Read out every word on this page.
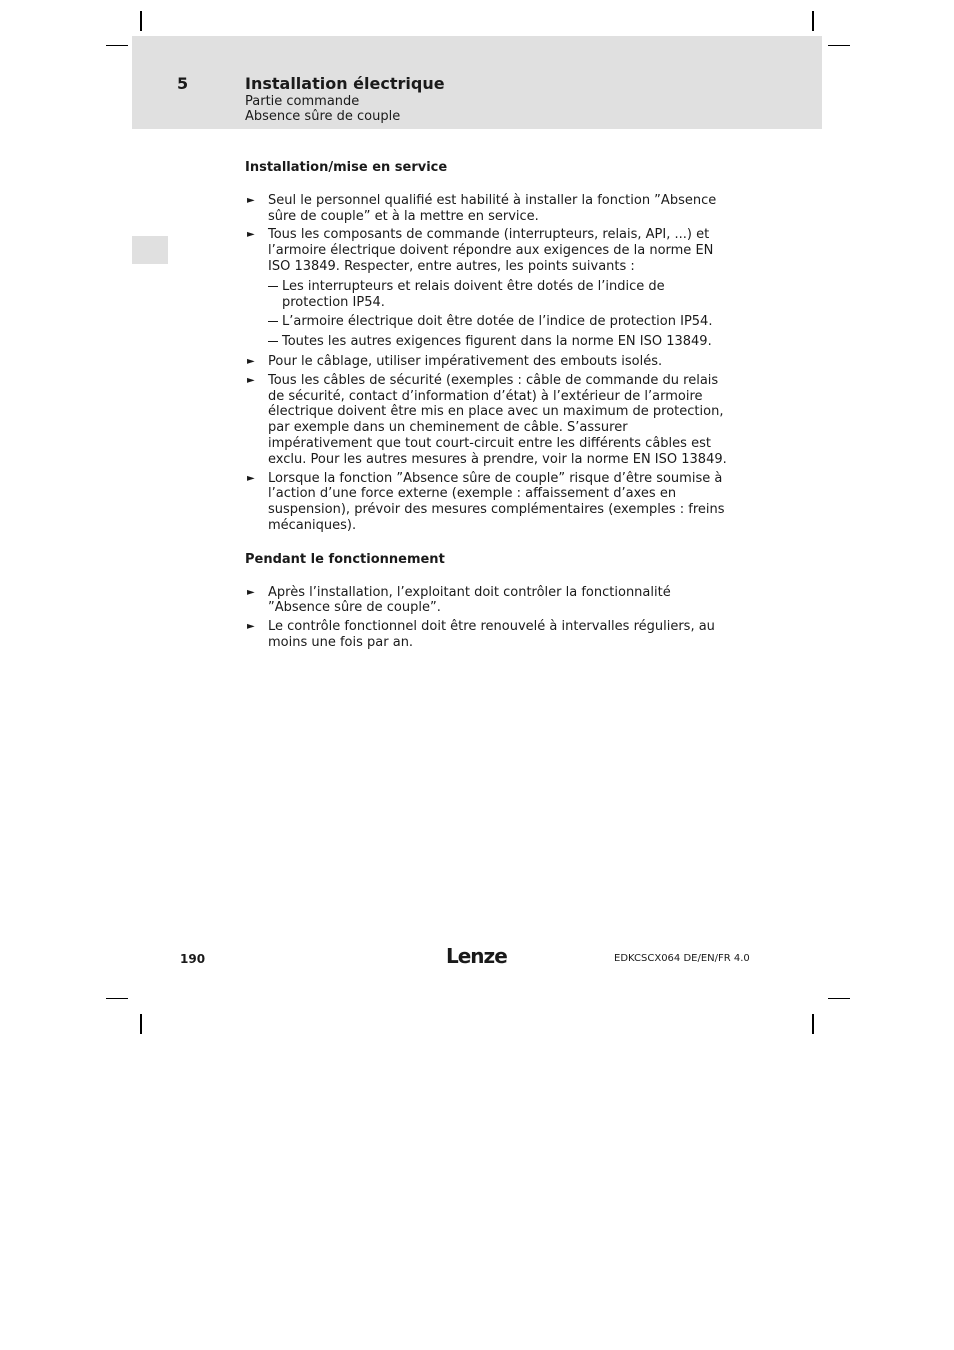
5	Installation électrique
Partie commande
Absence sûre de couple
Installation/mise en service
► Seul le personnel qualifié est habilité à installer la fonction ”Absence sûre de couple” et à la mettre en service.
► Tous les composants de commande (interrupteurs, relais, API, ...) et l’armoire électrique doivent répondre aux exigences de la norme EN ISO 13849. Respecter, entre autres, les points suivants :
Les interrupteurs et relais doivent être dotés de l’indice de protection IP54.
L’armoire électrique doit être dotée de l’indice de protection IP54.
Toutes les autres exigences figurent dans la norme EN ISO 13849.
► Pour le câblage, utiliser impérativement des embouts isolés.
► Tous les câbles de sécurité (exemples : câble de commande du relais de sécurité, contact d’information d’état) à l’extérieur de l’armoire électrique doivent être mis en place avec un maximum de protection, par exemple dans un cheminement de câble. S’assurer impérativement que tout court-circuit entre les différents câbles est exclu. Pour les autres mesures à prendre, voir la norme EN ISO 13849.
► Lorsque la fonction ”Absence sûre de couple” risque d’être soumise à l’action d’une force externe (exemple : affaissement d’axes en suspension), prévoir des mesures complémentaires (exemples : freins mécaniques).
Pendant le fonctionnement
► Après l’installation, l’exploitant doit contrôler la fonctionnalité ”Absence sûre de couple”.
► Le contrôle fonctionnel doit être renouvelé à intervalles réguliers, au moins une fois par an.
190	Lenze	EDKCSCX064 DE/EN/FR 4.0
